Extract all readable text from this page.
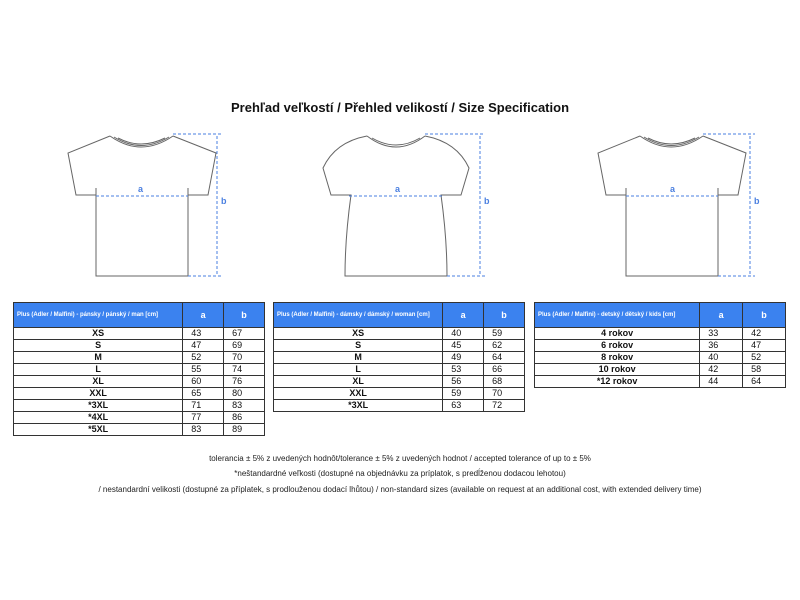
Prehľad veľkostí / Přehled velikostí / Size Specification
a
b
a
b
a
b
Plus (Adler / Malfini) - pánsky / pánský / man [cm]	a	b
XS	43	67
S	47	69
M	52	70
L	55	74
XL	60	76
XXL	65	80
*3XL	71	83
*4XL	77	86
*5XL	83	89
Plus (Adler / Malfini) - dámsky / dámský / woman [cm]	a	b
XS	40	59
S	45	62
M	49	64
L	53	66
XL	56	68
XXL	59	70
*3XL	63	72
Plus (Adler / Malfini) - detský / dětský / kids [cm]	a	b
4 rokov	33	42
6 rokov	36	47
8 rokov	40	52
10 rokov	42	58
*12 rokov	44	64
tolerancia ± 5% z uvedených hodnôt/tolerance ± 5% z uvedených hodnot / accepted tolerance of up to ± 5%
*neštandardné veľkosti (dostupné na objednávku za príplatok, s predĺženou dodacou lehotou)
/ nestandardní velikosti (dostupné za příplatek, s prodlouženou dodací lhůtou) / non-standard sizes (available on request at an additional cost, with extended delivery time)
